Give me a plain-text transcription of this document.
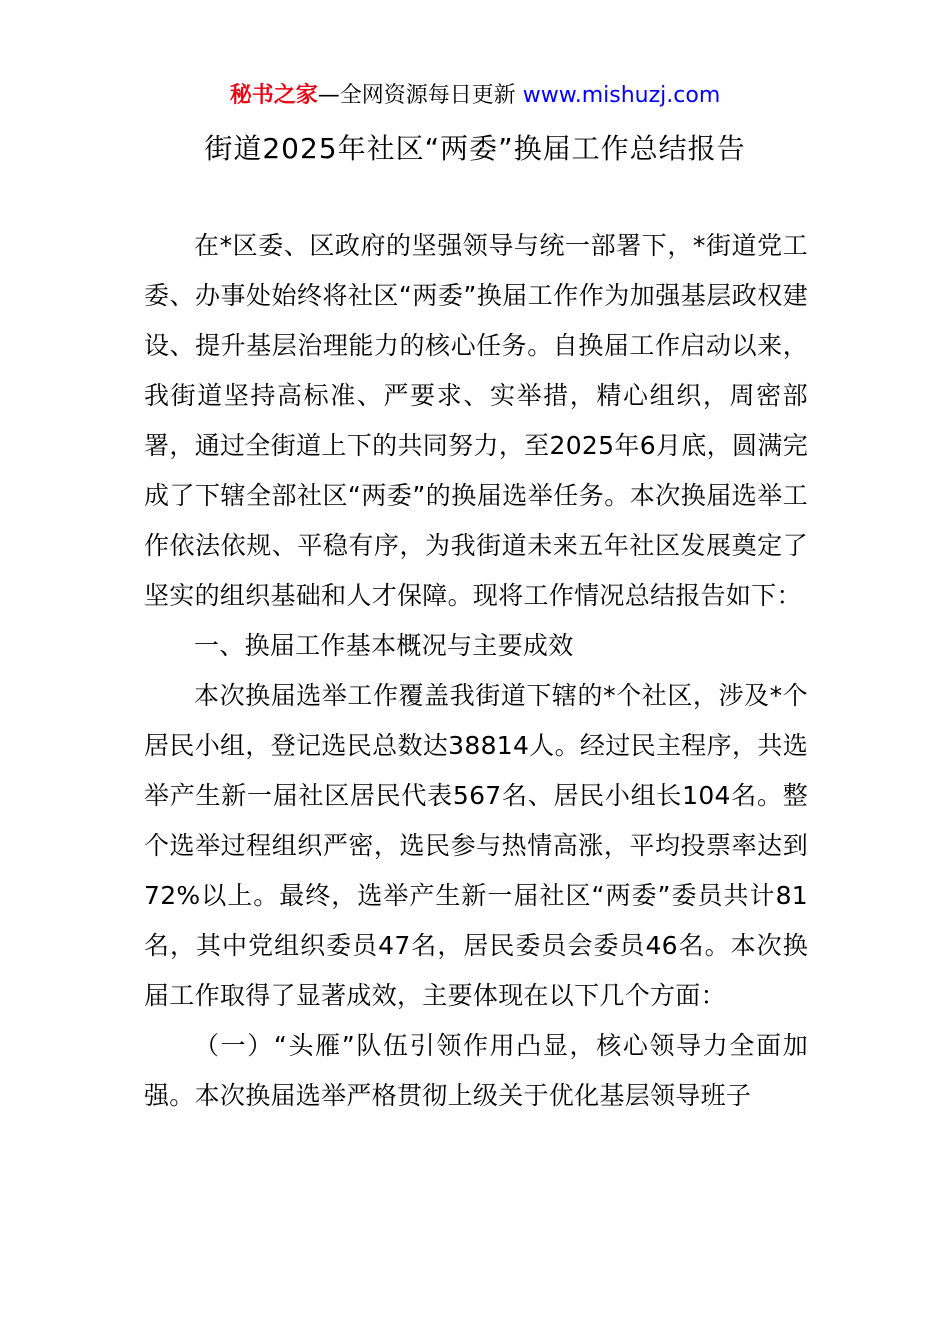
秘书之家—全网资源每日更新 www.mishuzj.com
街道2025年社区“两委”换届工作总结报告

在*区委、区政府的坚强领导与统一部署下，*街道党工委、办事处始终将社区“两委”换届工作作为加强基层政权建设、提升基层治理能力的核心任务。自换届工作启动以来，我街道坚持高标准、严要求、实举措，精心组织，周密部署，通过全街道上下的共同努力，至2025年6月底，圆满完成了下辖全部社区“两委”的换届选举任务。本次换届选举工作依法依规、平稳有序，为我街道未来五年社区发展奠定了坚实的组织基础和人才保障。现将工作情况总结报告如下：

一、换届工作基本概况与主要成效

本次换届选举工作覆盖我街道下辖的*个社区，涉及*个居民小组，登记选民总数达38814人。经过民主程序，共选举产生新一届社区居民代表567名、居民小组长104名。整个选举过程组织严密，选民参与热情高涨，平均投票率达到72%以上。最终，选举产生新一届社区“两委”委员共计81名，其中党组织委员47名，居民委员会委员46名。本次换届工作取得了显著成效，主要体现在以下几个方面：

（一）“头雁”队伍引领作用凸显，核心领导力全面加强。本次换届选举严格贯彻上级关于优化基层领导班子
